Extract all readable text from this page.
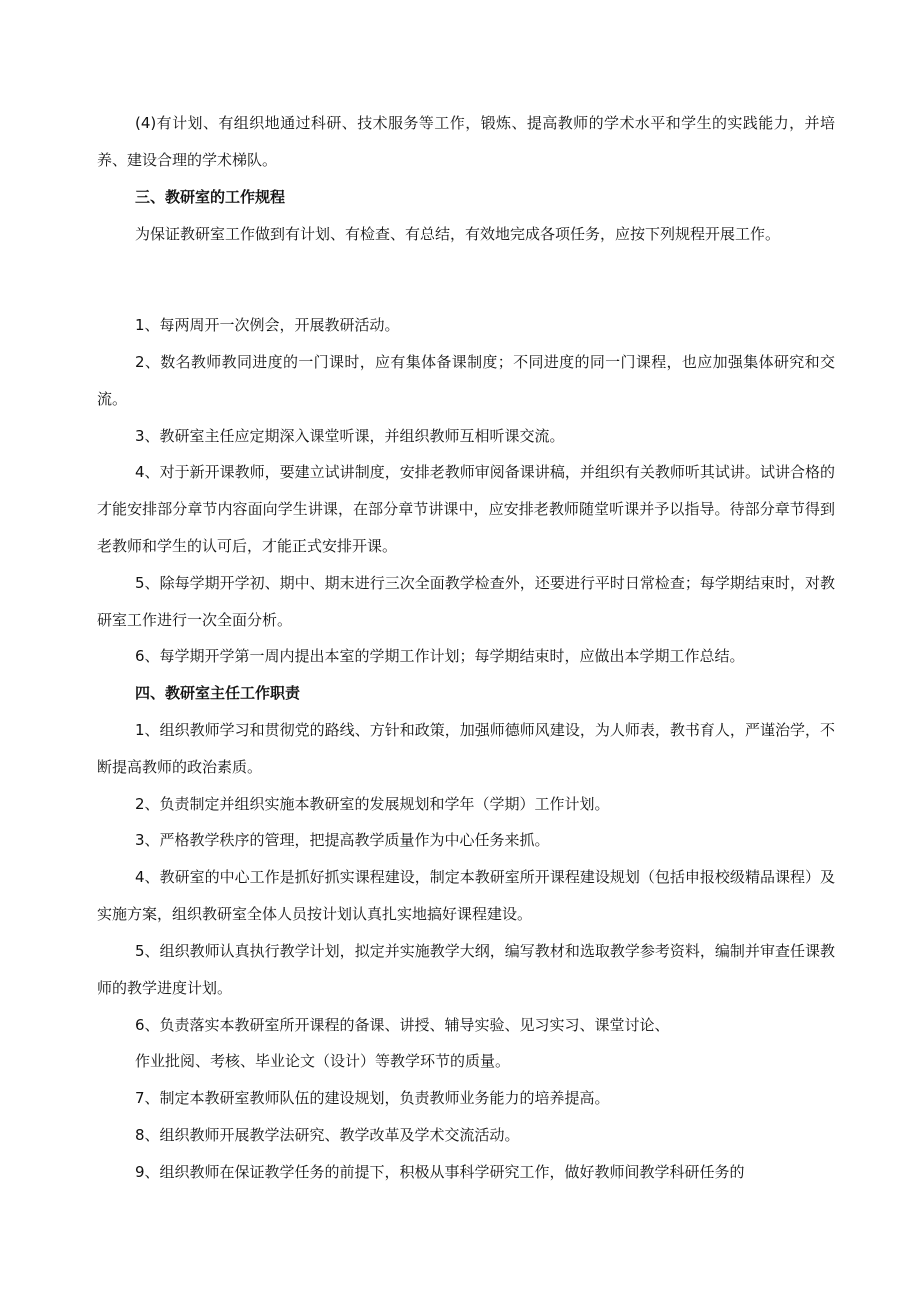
(4)有计划、有组织地通过科研、技术服务等工作，锻炼、提高教师的学术水平和学生的实践能力，并培养、建设合理的学术梯队。

三、教研室的工作规程

为保证教研室工作做到有计划、有检查、有总结，有效地完成各项任务，应按下列规程开展工作。

1、每两周开一次例会，开展教研活动。

2、数名教师教同进度的一门课时，应有集体备课制度；不同进度的同一门课程，也应加强集体研究和交流。

3、教研室主任应定期深入课堂听课，并组织教师互相听课交流。

4、对于新开课教师，要建立试讲制度，安排老教师审阅备课讲稿，并组织有关教师听其试讲。试讲合格的才能安排部分章节内容面向学生讲课，在部分章节讲课中，应安排老教师随堂听课并予以指导。待部分章节得到老教师和学生的认可后，才能正式安排开课。

5、除每学期开学初、期中、期末进行三次全面教学检查外，还要进行平时日常检查；每学期结束时，对教研室工作进行一次全面分析。

6、每学期开学第一周内提出本室的学期工作计划；每学期结束时，应做出本学期工作总结。

四、教研室主任工作职责

1、组织教师学习和贯彻党的路线、方针和政策，加强师德师风建设，为人师表，教书育人，严谨治学，不断提高教师的政治素质。

2、负责制定并组织实施本教研室的发展规划和学年（学期）工作计划。

3、严格教学秩序的管理，把提高教学质量作为中心任务来抓。

4、教研室的中心工作是抓好抓实课程建设，制定本教研室所开课程建设规划（包括申报校级精品课程）及实施方案，组织教研室全体人员按计划认真扎实地搞好课程建设。

5、组织教师认真执行教学计划，拟定并实施教学大纲，编写教材和选取教学参考资料，编制并审查任课教师的教学进度计划。

6、负责落实本教研室所开课程的备课、讲授、辅导实验、见习实习、课堂讨论、

作业批阅、考核、毕业论文（设计）等教学环节的质量。

7、制定本教研室教师队伍的建设规划，负责教师业务能力的培养提高。

8、组织教师开展教学法研究、教学改革及学术交流活动。

9、组织教师在保证教学任务的前提下，积极从事科学研究工作，做好教师间教学科研任务的
